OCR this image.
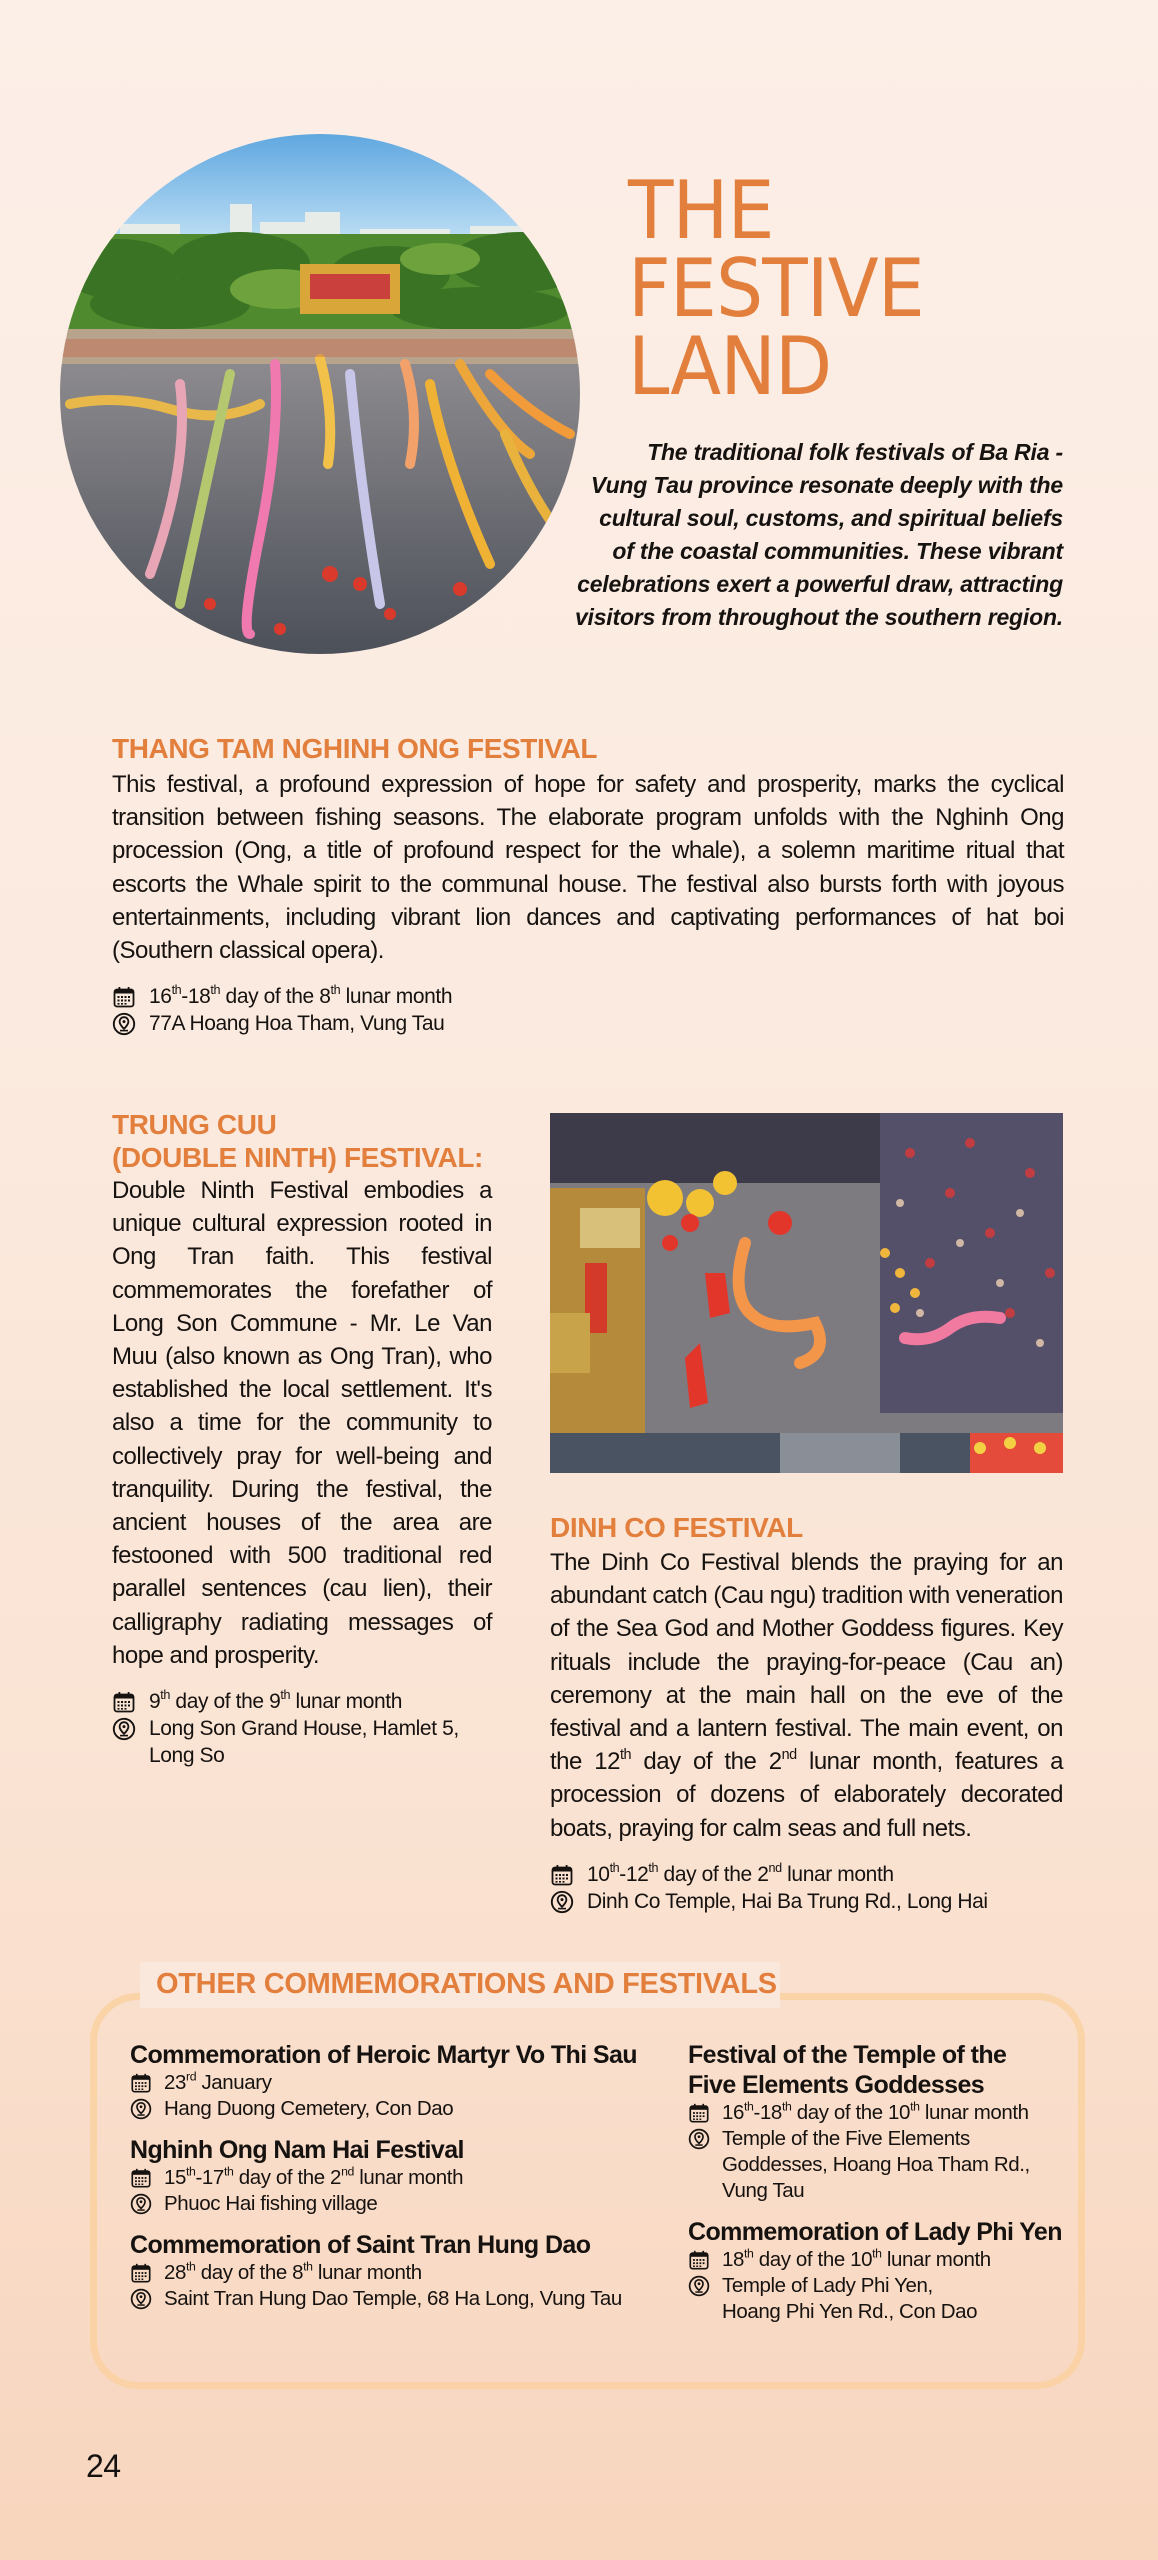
THE
FESTIVE
LAND
The traditional folk festivals of Ba Ria -
Vung Tau province resonate deeply with the
cultural soul, customs, and spiritual beliefs
of the coastal communities. These vibrant
celebrations exert a powerful draw, attracting
visitors from throughout the southern region.
THANG TAM NGHINH ONG FESTIVAL

This festival, a profound expression of hope for safety and prosperity, marks the cyclical transition between fishing seasons. The elaborate program unfolds with the Nghinh Ong procession (Ong, a title of profound respect for the whale), a solemn maritime ritual that escorts the Whale spirit to the communal house. The festival also bursts forth with joyous entertainments, including vibrant lion dances and captivating performances of hat boi (Southern classical opera).

16th-18th day of the 8th lunar month
77A Hoang Hoa Tham, Vung Tau
TRUNG CUU
(DOUBLE NINTH) FESTIVAL:

Double Ninth Festival embodies a unique cultural expression rooted in Ong Tran faith. This festival commemorates the forefather of Long Son Commune - Mr. Le Van Muu (also known as Ong Tran), who established the local settlement. It's also a time for the community to collectively pray for well-being and tranquility. During the festival, the ancient houses of the area are festooned with 500 traditional red parallel sentences (cau lien), their calligraphy radiating messages of hope and prosperity.

9th day of the 9th lunar month
Long Son Grand House, Hamlet 5,
Long So
DINH CO FESTIVAL

The Dinh Co Festival blends the praying for an abundant catch (Cau ngu) tradition with veneration of the Sea God and Mother Goddess figures. Key rituals include the praying-for-peace (Cau an) ceremony at the main hall on the eve of the festival and a lantern festival. The main event, on the 12th day of the 2nd lunar month, features a procession of dozens of elaborately decorated boats, praying for calm seas and full nets.

10th-12th day of the 2nd lunar month
Dinh Co Temple, Hai Ba Trung Rd., Long Hai
OTHER COMMEMORATIONS AND FESTIVALS
Commemoration of Heroic Martyr Vo Thi Sau
23rd January
Hang Duong Cemetery, Con Dao
Nghinh Ong Nam Hai Festival
15th-17th day of the 2nd lunar month
Phuoc Hai fishing village
Commemoration of Saint Tran Hung Dao
28th day of the 8th lunar month
Saint Tran Hung Dao Temple, 68 Ha Long, Vung Tau
Festival of the Temple of the
Five Elements Goddesses
16th-18th day of the 10th lunar month
Temple of the Five Elements
Goddesses, Hoang Hoa Tham Rd.,
Vung Tau
Commemoration of Lady Phi Yen
18th day of the 10th lunar month
Temple of Lady Phi Yen,
Hoang Phi Yen Rd., Con Dao
24
